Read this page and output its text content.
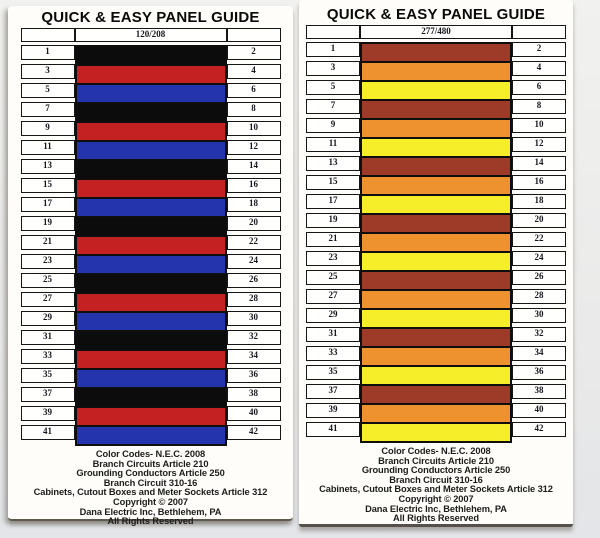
QUICK & EASY PANEL GUIDE
1
3
5
7
9
11
13
15
17
19
21
23
25
27
29
31
33
35
37
39
41
120/208
2
4
6
8
10
12
14
16
18
20
22
24
26
28
30
32
34
36
38
40
42
Color Codes- N.E.C. 2008
Branch Circuits Article 210
Grounding Conductors Article 250
Branch Circuit 310-16
Cabinets, Cutout Boxes and Meter Sockets Article 312
Copyright © 2007
Dana Electric Inc, Bethlehem, PA
All Rights Reserved
QUICK & EASY PANEL GUIDE
1
3
5
7
9
11
13
15
17
19
21
23
25
27
29
31
33
35
37
39
41
277/480
2
4
6
8
10
12
14
16
18
20
22
24
26
28
30
32
34
36
38
40
42
Color Codes- N.E.C. 2008
Branch Circuits Article 210
Grounding Conductors Article 250
Branch Circuit 310-16
Cabinets, Cutout Boxes and Meter Sockets Article 312
Copyright © 2007
Dana Electric Inc, Bethlehem, PA
All Rights Reserved
